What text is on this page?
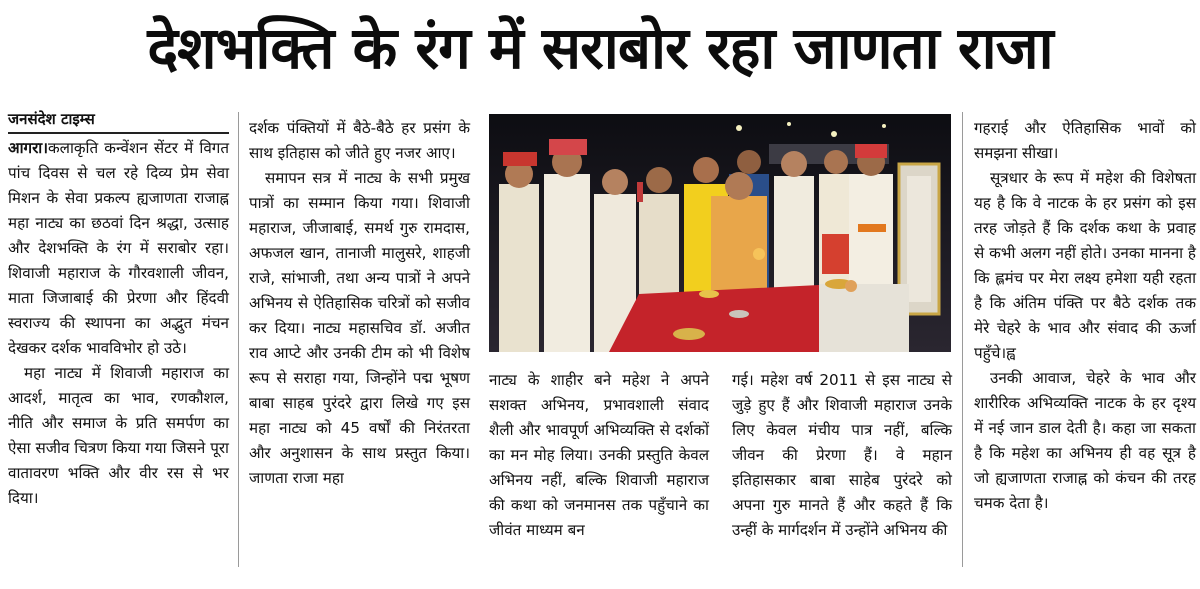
देशभक्ति के रंग में सराबोर रहा जाणता राजा
जनसंदेश टाइम्स

आगरा।कलाकृति कन्वेंशन सेंटर में विगत पांच दिवस से चल रहे दिव्य प्रेम सेवा मिशन के सेवा प्रकल्प ह्यजाणता राजाह्न महा नाट्य का छठवां दिन श्रद्धा, उत्साह और देशभक्ति के रंग में सराबोर रहा। शिवाजी महाराज के गौरवशाली जीवन, माता जिजाबाई की प्रेरणा और हिंदवी स्वराज्य की स्थापना का अद्भुत मंचन देखकर दर्शक भावविभोर हो उठे।

महा नाट्य में शिवाजी महाराज का आदर्श, मातृत्व का भाव, रणकौशल, नीति और समाज के प्रति समर्पण का ऐसा सजीव चित्रण किया गया जिसने पूरा वातावरण भक्ति और वीर रस से भर दिया।

दर्शक पंक्तियों में बैठे-बैठे हर प्रसंग के साथ इतिहास को जीते हुए नजर आए।

समापन सत्र में नाट्य के सभी प्रमुख पात्रों का सम्मान किया गया। शिवाजी महाराज, जीजाबाई, समर्थ गुरु रामदास, अफजल खान, तानाजी मालुसरे, शाहजी राजे, सांभाजी, तथा अन्य पात्रों ने अपने अभिनय से ऐतिहासिक चरित्रों को सजीव कर दिया। नाट्य महासचिव डॉ. अजीत राव आप्टे और उनकी टीम को भी विशेष रूप से सराहा गया, जिन्होंने पद्म भूषण बाबा साहब पुरंदरे द्वारा लिखे गए इस महा नाट्य को 45 वर्षों की निरंतरता और अनुशासन के साथ प्रस्तुत किया। जाणता राजा महा

नाट्य के शाहीर बने महेश ने अपने सशक्त अभिनय, प्रभावशाली संवाद शैली और भावपूर्ण अभिव्यक्ति से दर्शकों का मन मोह लिया। उनकी प्रस्तुति केवल अभिनय नहीं, बल्कि शिवाजी महाराज की कथा को जनमानस तक पहुँचाने का जीवंत माध्यम बन

गई। महेश वर्ष 2011 से इस नाट्य से जुड़े हुए हैं और शिवाजी महाराज उनके लिए केवल मंचीय पात्र नहीं, बल्कि जीवन की प्रेरणा हैं। वे महान इतिहासकार बाबा साहेब पुरंदरे को अपना गुरु मानते हैं और कहते हैं कि उन्हीं के मार्गदर्शन में उन्होंने अभिनय की

गहराई और ऐतिहासिक भावों को समझना सीखा।

सूत्रधार के रूप में महेश की विशेषता यह है कि वे नाटक के हर प्रसंग को इस तरह जोड़ते हैं कि दर्शक कथा के प्रवाह से कभी अलग नहीं होते। उनका मानना है कि ह्लमंच पर मेरा लक्ष्य हमेशा यही रहता है कि अंतिम पंक्ति पर बैठे दर्शक तक मेरे चेहरे के भाव और संवाद की ऊर्जा पहुँचे।ह्व

उनकी आवाज, चेहरे के भाव और शारीरिक अभिव्यक्ति नाटक के हर दृश्य में नई जान डाल देती है। कहा जा सकता है कि महेश का अभिनय ही वह सूत्र है जो ह्यजाणता राजाह्न को कंचन की तरह चमक देता है।
